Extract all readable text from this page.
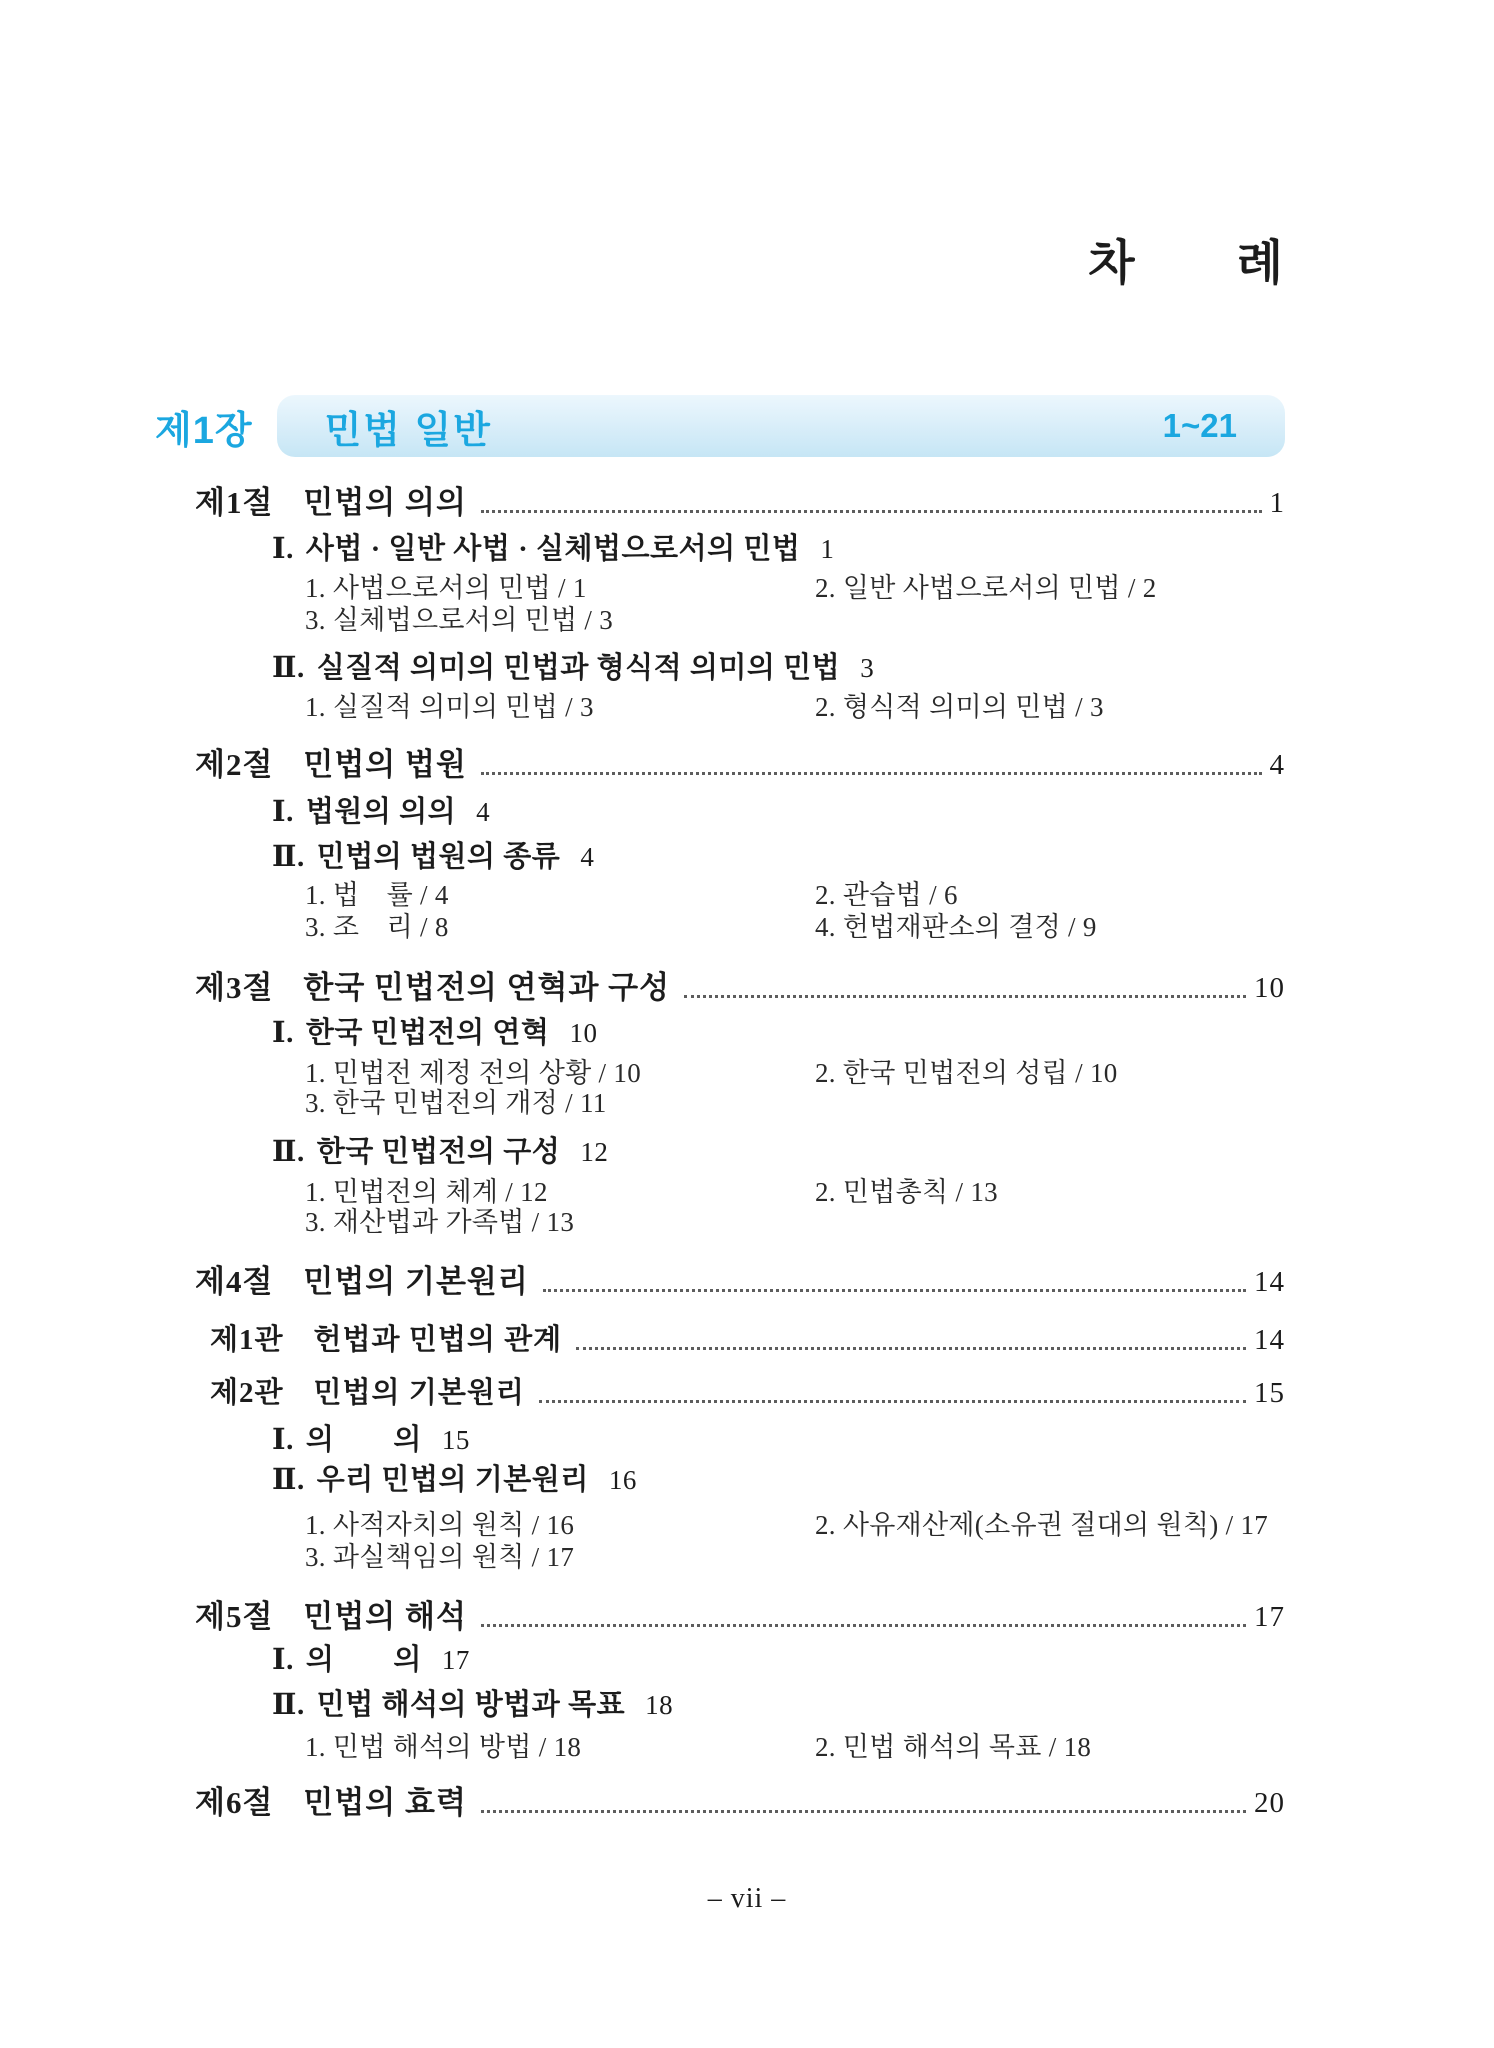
차　　례
제1장 민법 일반	1~21
제1절 민법의 의의	1
Ⅰ. 사법 · 일반 사법 · 실체법으로서의 민법 1
1. 사법으로서의 민법 / 1	2. 일반 사법으로서의 민법 / 2
3. 실체법으로서의 민법 / 3
Ⅱ. 실질적 의미의 민법과 형식적 의미의 민법 3
1. 실질적 의미의 민법 / 3	2. 형식적 의미의 민법 / 3
제2절 민법의 법원	4
Ⅰ. 법원의 의의 4
Ⅱ. 민법의 법원의 종류 4
1. 법　률 / 4	2. 관습법 / 6
3. 조　리 / 8	4. 헌법재판소의 결정 / 9
제3절 한국 민법전의 연혁과 구성	10
Ⅰ. 한국 민법전의 연혁 10
1. 민법전 제정 전의 상황 / 10	2. 한국 민법전의 성립 / 10
3. 한국 민법전의 개정 / 11
Ⅱ. 한국 민법전의 구성 12
1. 민법전의 체계 / 12	2. 민법총칙 / 13
3. 재산법과 가족법 / 13
제4절 민법의 기본원리	14
제1관 헌법과 민법의 관계	14
제2관 민법의 기본원리	15
Ⅰ. 의　　의 15
Ⅱ. 우리 민법의 기본원리 16
1. 사적자치의 원칙 / 16	2. 사유재산제(소유권 절대의 원칙) / 17
3. 과실책임의 원칙 / 17
제5절 민법의 해석	17
Ⅰ. 의　　의 17
Ⅱ. 민법 해석의 방법과 목표 18
1. 민법 해석의 방법 / 18	2. 민법 해석의 목표 / 18
제6절 민법의 효력	20
– vii –
